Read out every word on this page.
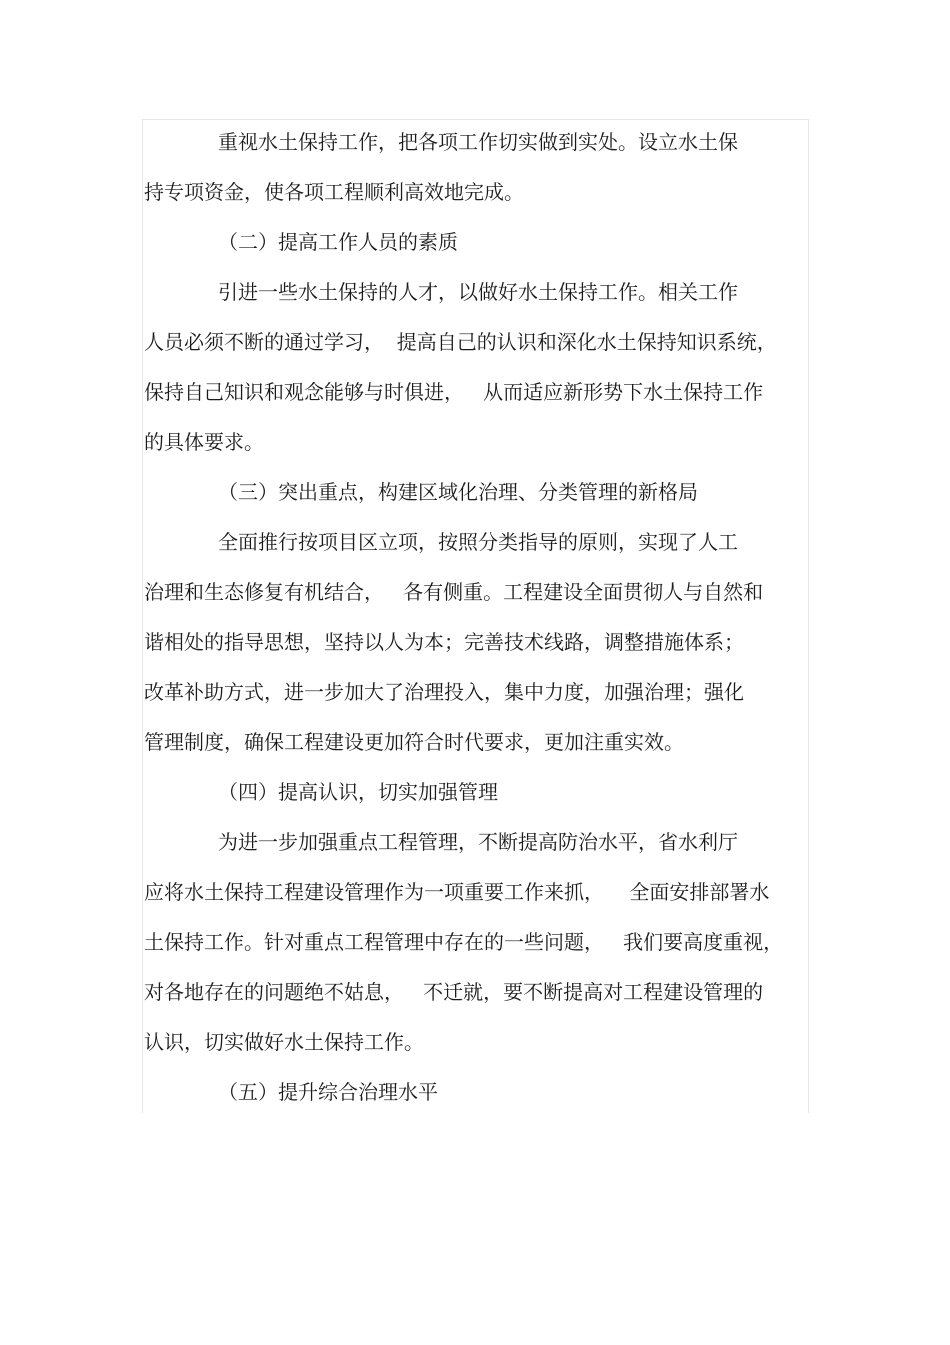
重视水土保持工作，把各项工作切实做到实处。设立水土保
持专项资金，使各项工程顺利高效地完成。
（二）提高工作人员的素质
引进一些水土保持的人才，以做好水土保持工作。相关工作
人员必须不断的通过学习，  提高自己的认识和深化水土保持知识系统，
保持自己知识和观念能够与时俱进，   从而适应新形势下水土保持工作
的具体要求。
（三）突出重点，构建区域化治理、分类管理的新格局
全面推行按项目区立项，按照分类指导的原则，实现了人工
治理和生态修复有机结合，   各有侧重。工程建设全面贯彻人与自然和
谐相处的指导思想，坚持以人为本；完善技术线路，调整措施体系；
改革补助方式，进一步加大了治理投入，集中力度，加强治理；强化
管理制度，确保工程建设更加符合时代要求，更加注重实效。
（四）提高认识，切实加强管理
为进一步加强重点工程管理，不断提高防治水平，省水利厅
应将水土保持工程建设管理作为一项重要工作来抓，    全面安排部署水
土保持工作。针对重点工程管理中存在的一些问题，   我们要高度重视，
对各地存在的问题绝不姑息，   不迁就，要不断提高对工程建设管理的
认识，切实做好水土保持工作。
（五）提升综合治理水平
